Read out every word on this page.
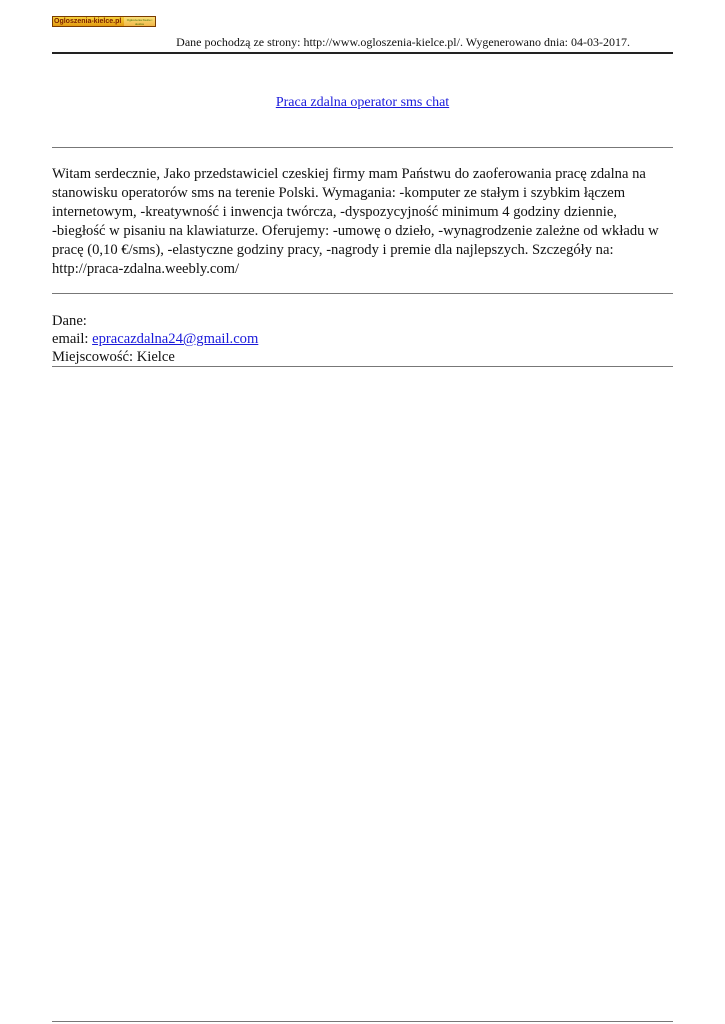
Ogloszenia-kielce.pl	Ogłoszenia Kielce i okolice
Dane pochodzą ze strony: http://www.ogloszenia-kielce.pl/. Wygenerowano dnia: 04-03-2017.
Praca zdalna operator sms chat
Witam serdecznie, Jako przedstawiciel czeskiej firmy mam Państwu do zaoferowania pracę zdalna na
stanowisku operatorów sms na terenie Polski. Wymagania: -komputer ze stałym i szybkim łączem
internetowym, -kreatywność i inwencja twórcza, -dyspozycyjność minimum 4 godziny dziennie,
-biegłość w pisaniu na klawiaturze. Oferujemy: -umowę o dzieło, -wynagrodzenie zależne od wkładu w
pracę (0,10 €/sms), -elastyczne godziny pracy, -nagrody i premie dla najlepszych. Szczegóły na:
http://praca-zdalna.weebly.com/
Dane:
email: epracazdalna24@gmail.com
Miejscowość: Kielce
